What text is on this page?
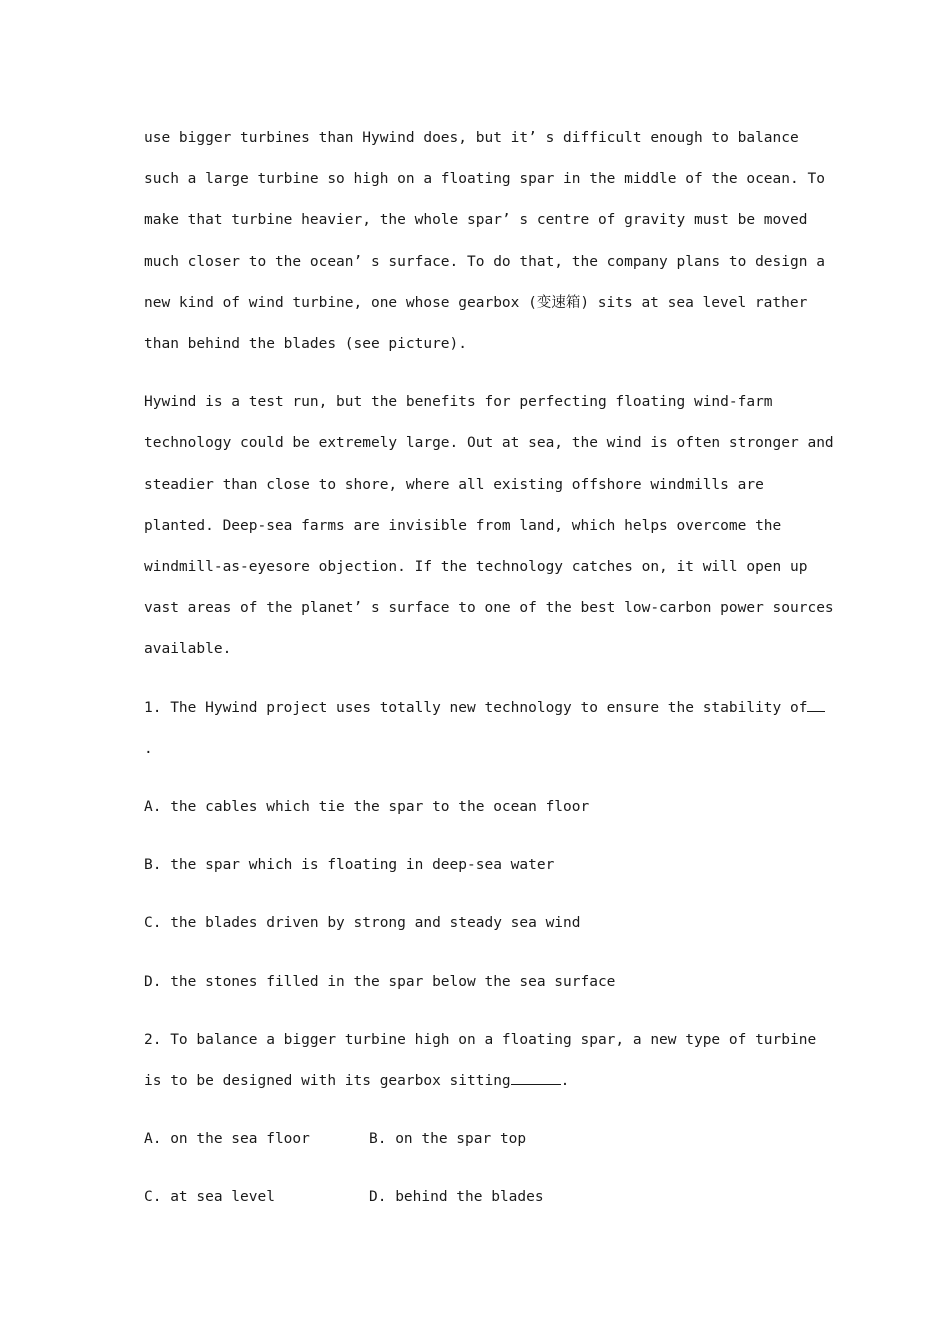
use bigger turbines than Hywind does, but it’ s difficult enough to balance
such a large turbine so high on a floating spar in the middle of the ocean. To
make that turbine heavier, the whole spar’ s centre of gravity must be moved
much closer to the ocean’ s surface. To do that, the company plans to design a
new kind of wind turbine, one whose gearbox (变速箱) sits at sea level rather
than behind the blades (see picture).
Hywind is a test run, but the benefits for perfecting floating wind-farm
technology could be extremely large. Out at sea, the wind is often stronger and
steadier than close to shore, where all existing offshore windmills are
planted. Deep-sea farms are invisible from land, which helps overcome the
windmill-as-eyesore objection. If the technology catches on, it will open up
vast areas of the planet’ s surface to one of the best low-carbon power sources
available.
1. The Hywind project uses totally new technology to ensure the stability of
.
A. the cables which tie the spar to the ocean floor
B. the spar which is floating in deep-sea water
C. the blades driven by strong and steady sea wind
D. the stones filled in the spar below the sea surface
2. To balance a bigger turbine high on a floating spar, a new type of turbine
is to be designed with its gearbox sitting	.
A. on the sea floor	B. on the spar top
C. at sea level	D. behind the blades
